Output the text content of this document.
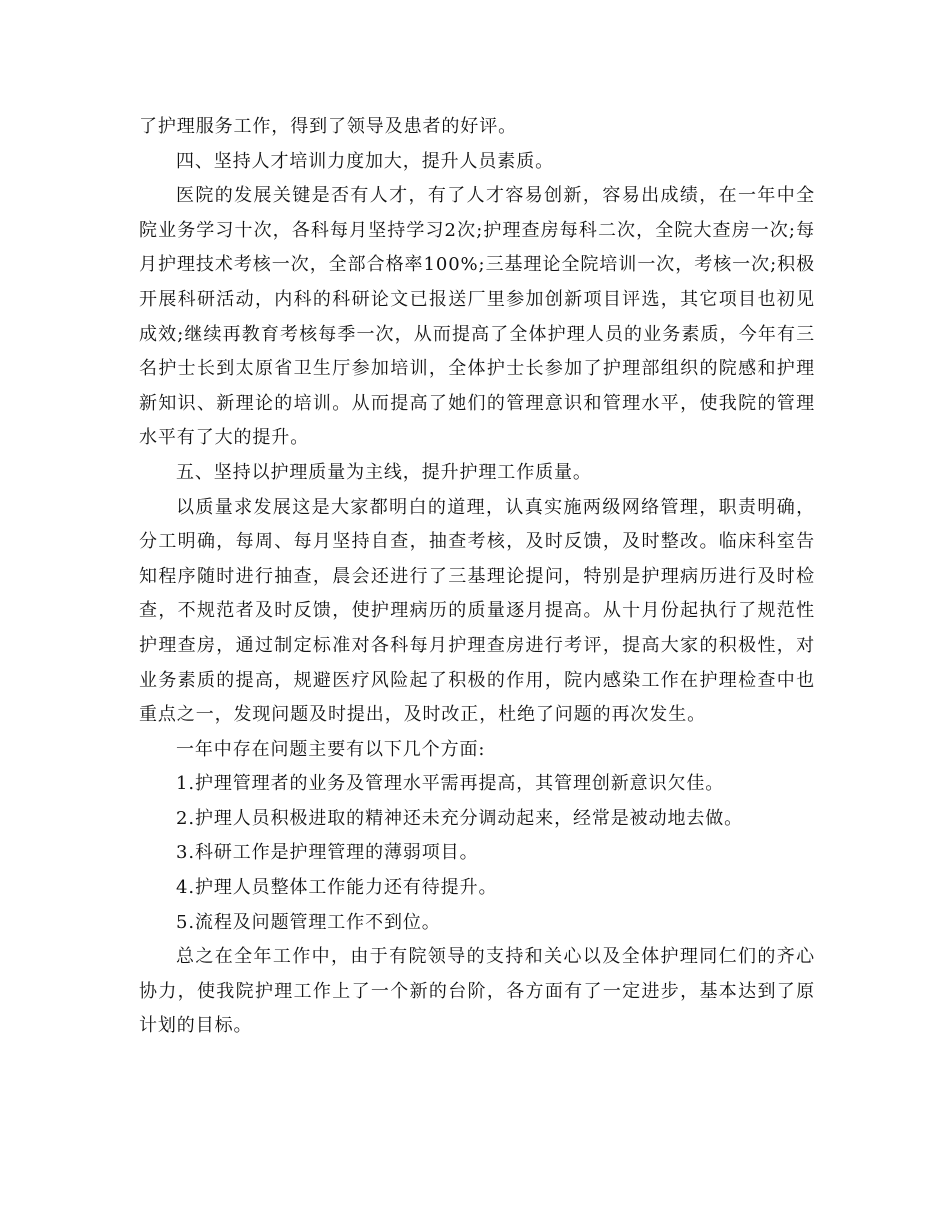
了护理服务工作，得到了领导及患者的好评。

四、坚持人才培训力度加大，提升人员素质。

医院的发展关键是否有人才，有了人才容易创新，容易出成绩，在一年中全院业务学习十次，各科每月坚持学习2次;护理查房每科二次，全院大查房一次;每月护理技术考核一次，全部合格率100%;三基理论全院培训一次，考核一次;积极开展科研活动，内科的科研论文已报送厂里参加创新项目评选，其它项目也初见成效;继续再教育考核每季一次，从而提高了全体护理人员的业务素质，今年有三名护士长到太原省卫生厅参加培训，全体护士长参加了护理部组织的院感和护理新知识、新理论的培训。从而提高了她们的管理意识和管理水平，使我院的管理水平有了大的提升。

五、坚持以护理质量为主线，提升护理工作质量。

以质量求发展这是大家都明白的道理，认真实施两级网络管理，职责明确，分工明确，每周、每月坚持自查，抽查考核，及时反馈，及时整改。临床科室告知程序随时进行抽查，晨会还进行了三基理论提问，特别是护理病历进行及时检查，不规范者及时反馈，使护理病历的质量逐月提高。从十月份起执行了规范性护理查房，通过制定标准对各科每月护理查房进行考评，提高大家的积极性，对业务素质的提高，规避医疗风险起了积极的作用，院内感染工作在护理检查中也重点之一，发现问题及时提出，及时改正，杜绝了问题的再次发生。

一年中存在问题主要有以下几个方面:

1.护理管理者的业务及管理水平需再提高，其管理创新意识欠佳。

2.护理人员积极进取的精神还未充分调动起来，经常是被动地去做。

3.科研工作是护理管理的薄弱项目。

4.护理人员整体工作能力还有待提升。

5.流程及问题管理工作不到位。

总之在全年工作中，由于有院领导的支持和关心以及全体护理同仁们的齐心协力，使我院护理工作上了一个新的台阶，各方面有了一定进步，基本达到了原计划的目标。
